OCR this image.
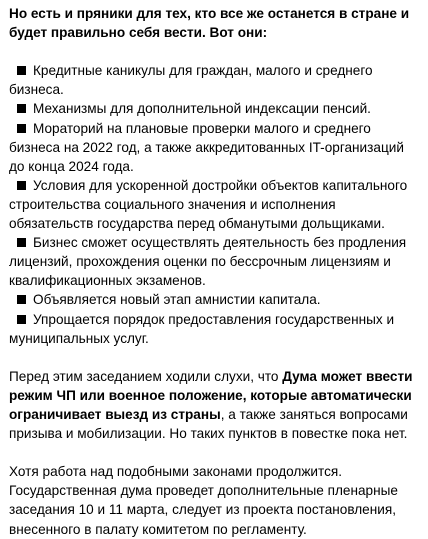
Но есть и пряники для тех, кто все же останется в стране и будет правильно себя вести. Вот они:

Кредитные каникулы для граждан, малого и среднего бизнеса.
Механизмы для дополнительной индексации пенсий.
Мораторий на плановые проверки малого и среднего бизнеса на 2022 год, а также аккредитованных IT-организаций до конца 2024 года.
Условия для ускоренной достройки объектов капитального строительства социального значения и исполнения обязательств государства перед обманутыми дольщиками.
Бизнес сможет осуществлять деятельность без продления лицензий, прохождения оценки по бессрочным лицензиям и квалификационных экзаменов.
Объявляется новый этап амнистии капитала.
Упрощается порядок предоставления государственных и муниципальных услуг.

Перед этим заседанием ходили слухи, что Дума может ввести режим ЧП или военное положение, которые автоматически ограничивает выезд из страны, а также заняться вопросами призыва и мобилизации. Но таких пунктов в повестке пока нет.

Хотя работа над подобными законами продолжится. Государственная дума проведет дополнительные пленарные заседания 10 и 11 марта, следует из проекта постановления, внесенного в палату комитетом по регламенту.
